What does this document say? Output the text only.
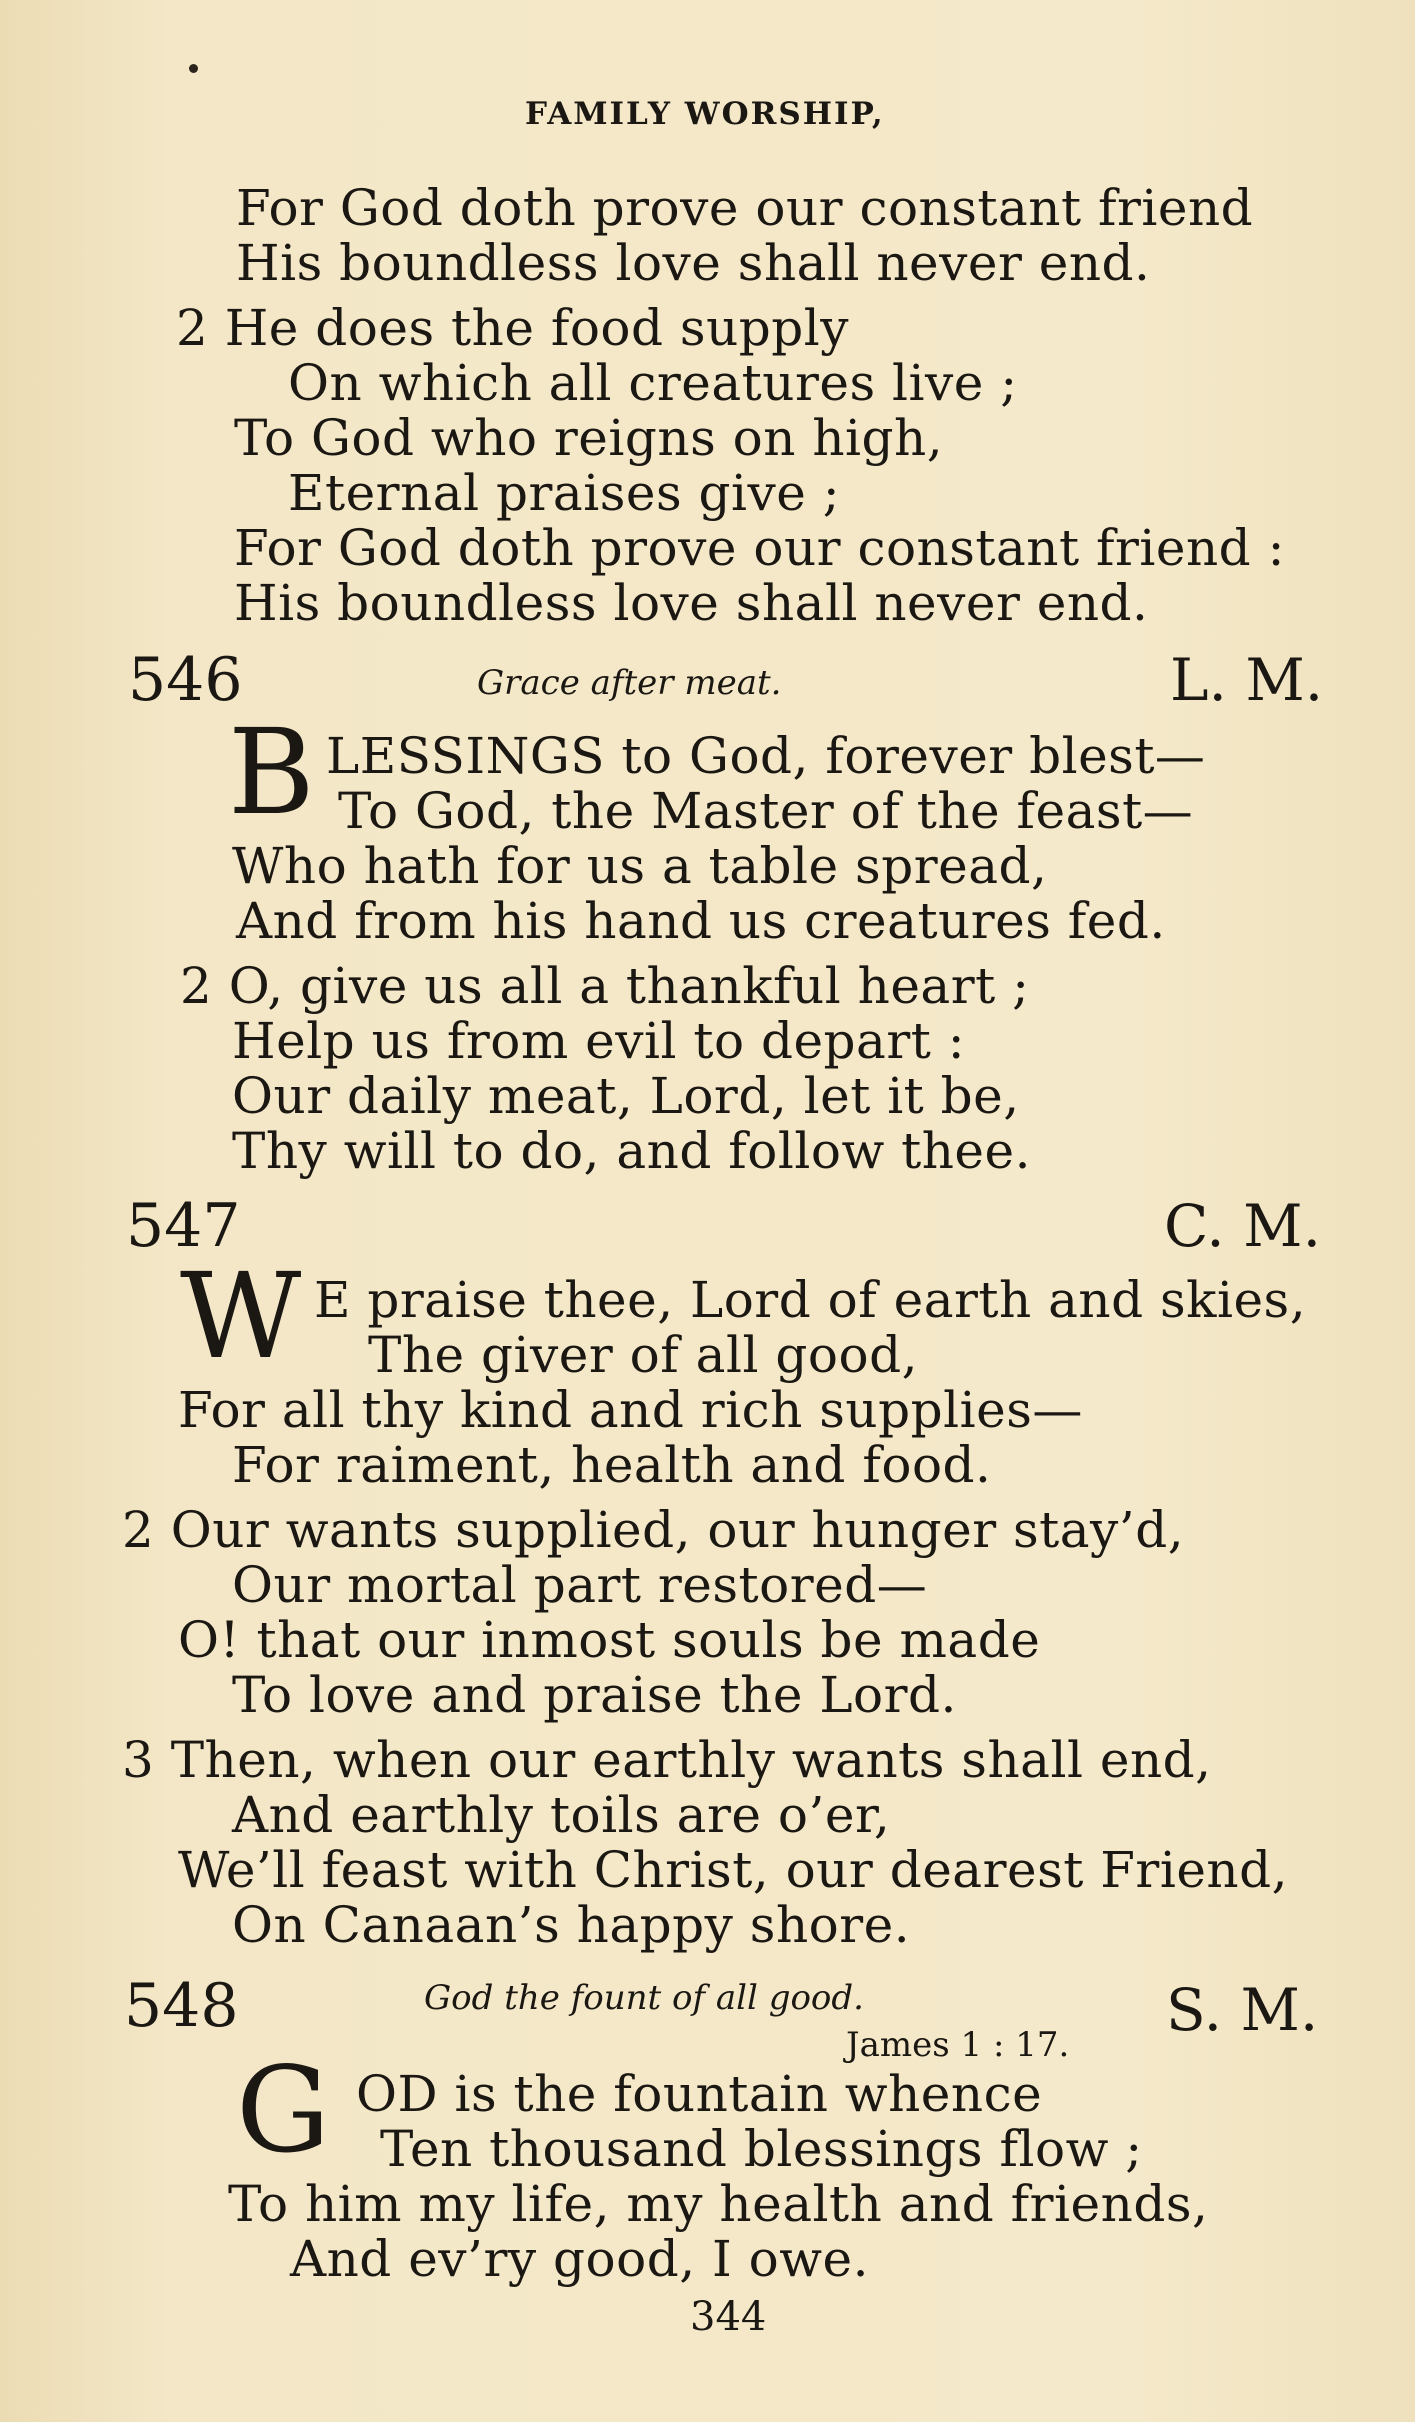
FAMILY WORSHIP,
For God doth prove our constant friend
His boundless love shall never end.
2 He does the food supply
On which all creatures live ;
To God who reigns on high,
Eternal praises give ;
For God doth prove our constant friend :
His boundless love shall never end.
546	Grace after meat.	L. M.
B LESSINGS to God, forever blest—
To God, the Master of the feast—
Who hath for us a table spread,
And from his hand us creatures fed.
2 O, give us all a thankful heart ;
Help us from evil to depart :
Our daily meat, Lord, let it be,
Thy will to do, and follow thee.
547	C. M.
W E praise thee, Lord of earth and skies,
The giver of all good,
For all thy kind and rich supplies—
For raiment, health and food.
2 Our wants supplied, our hunger stay’d,
Our mortal part restored—
O! that our inmost souls be made
To love and praise the Lord.
3 Then, when our earthly wants shall end,
And earthly toils are o’er,
We’ll feast with Christ, our dearest Friend,
On Canaan’s happy shore.
548	God the fount of all good.
James 1 : 17.
S. M.
G OD is the fountain whence
Ten thousand blessings flow ;
To him my life, my health and friends,
And ev’ry good, I owe.
344
